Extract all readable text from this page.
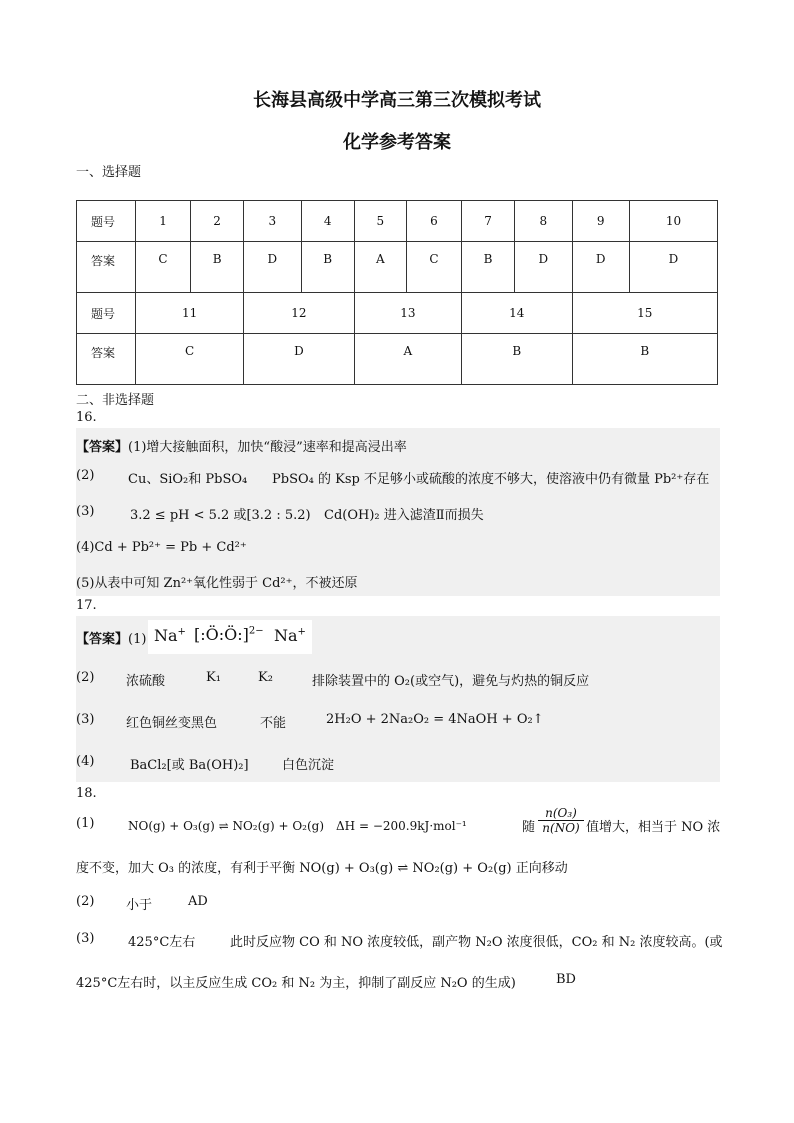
长海县高级中学高三第三次模拟考试
化学参考答案
一、选择题
题号	1	2	3	4	5	6	7	8	9	10
答案	C	B	D	B	A	C	B	D	D	D
题号	11		12		13		14		15	
答案	C		D		A		B		B	
二、非选择题
16.
【答案】(1)增大接触面积，加快“酸浸”速率和提高浸出率
(2)	Cu、SiO₂和 PbSO₄ PbSO₄ 的 Ksp 不足够小或硫酸的浓度不够大，使溶液中仍有微量 Pb²⁺存在
(3)	3.2 ≤ pH < 5.2 或[3.2 : 5.2) Cd(OH)₂ 进入滤渣Ⅱ而损失
(4)Cd + Pb²⁺ = Pb + Cd²⁺
(5)从表中可知 Zn²⁺氧化性弱于 Cd²⁺，不被还原
17.
【答案】(1) Na+ [:Ö:Ö:]$^{2-}$ Na+
(2) 浓硫酸	K₁	K₂	排除装置中的 O₂(或空气)，避免与灼热的铜反应
(3) 红色铜丝变黑色	不能	2H₂O + 2Na₂O₂ = 4NaOH + O₂↑
(4)	BaCl₂[或 Ba(OH)₂]	白色沉淀
18.
(1)	NO(g) + O₃(g) ⇌ NO₂(g) + O₂(g)　ΔH = −200.9kJ·mol⁻¹	随 $\frac{\text{n(O₃)}}{n(NO)}$ 值增大，相当于 NO 浓
度不变，加大 O₃ 的浓度，有利于平衡 NO(g) + O₃(g) ⇌ NO₂(g) + O₂(g) 正向移动
(2) 小于	AD
(3)	425°C左右	此时反应物 CO 和 NO 浓度较低，副产物 N₂O 浓度很低，CO₂ 和 N₂ 浓度较高。(或
425°C左右时，以主反应生成 CO₂ 和 N₂ 为主，抑制了副反应 N₂O 的生成)	BD
